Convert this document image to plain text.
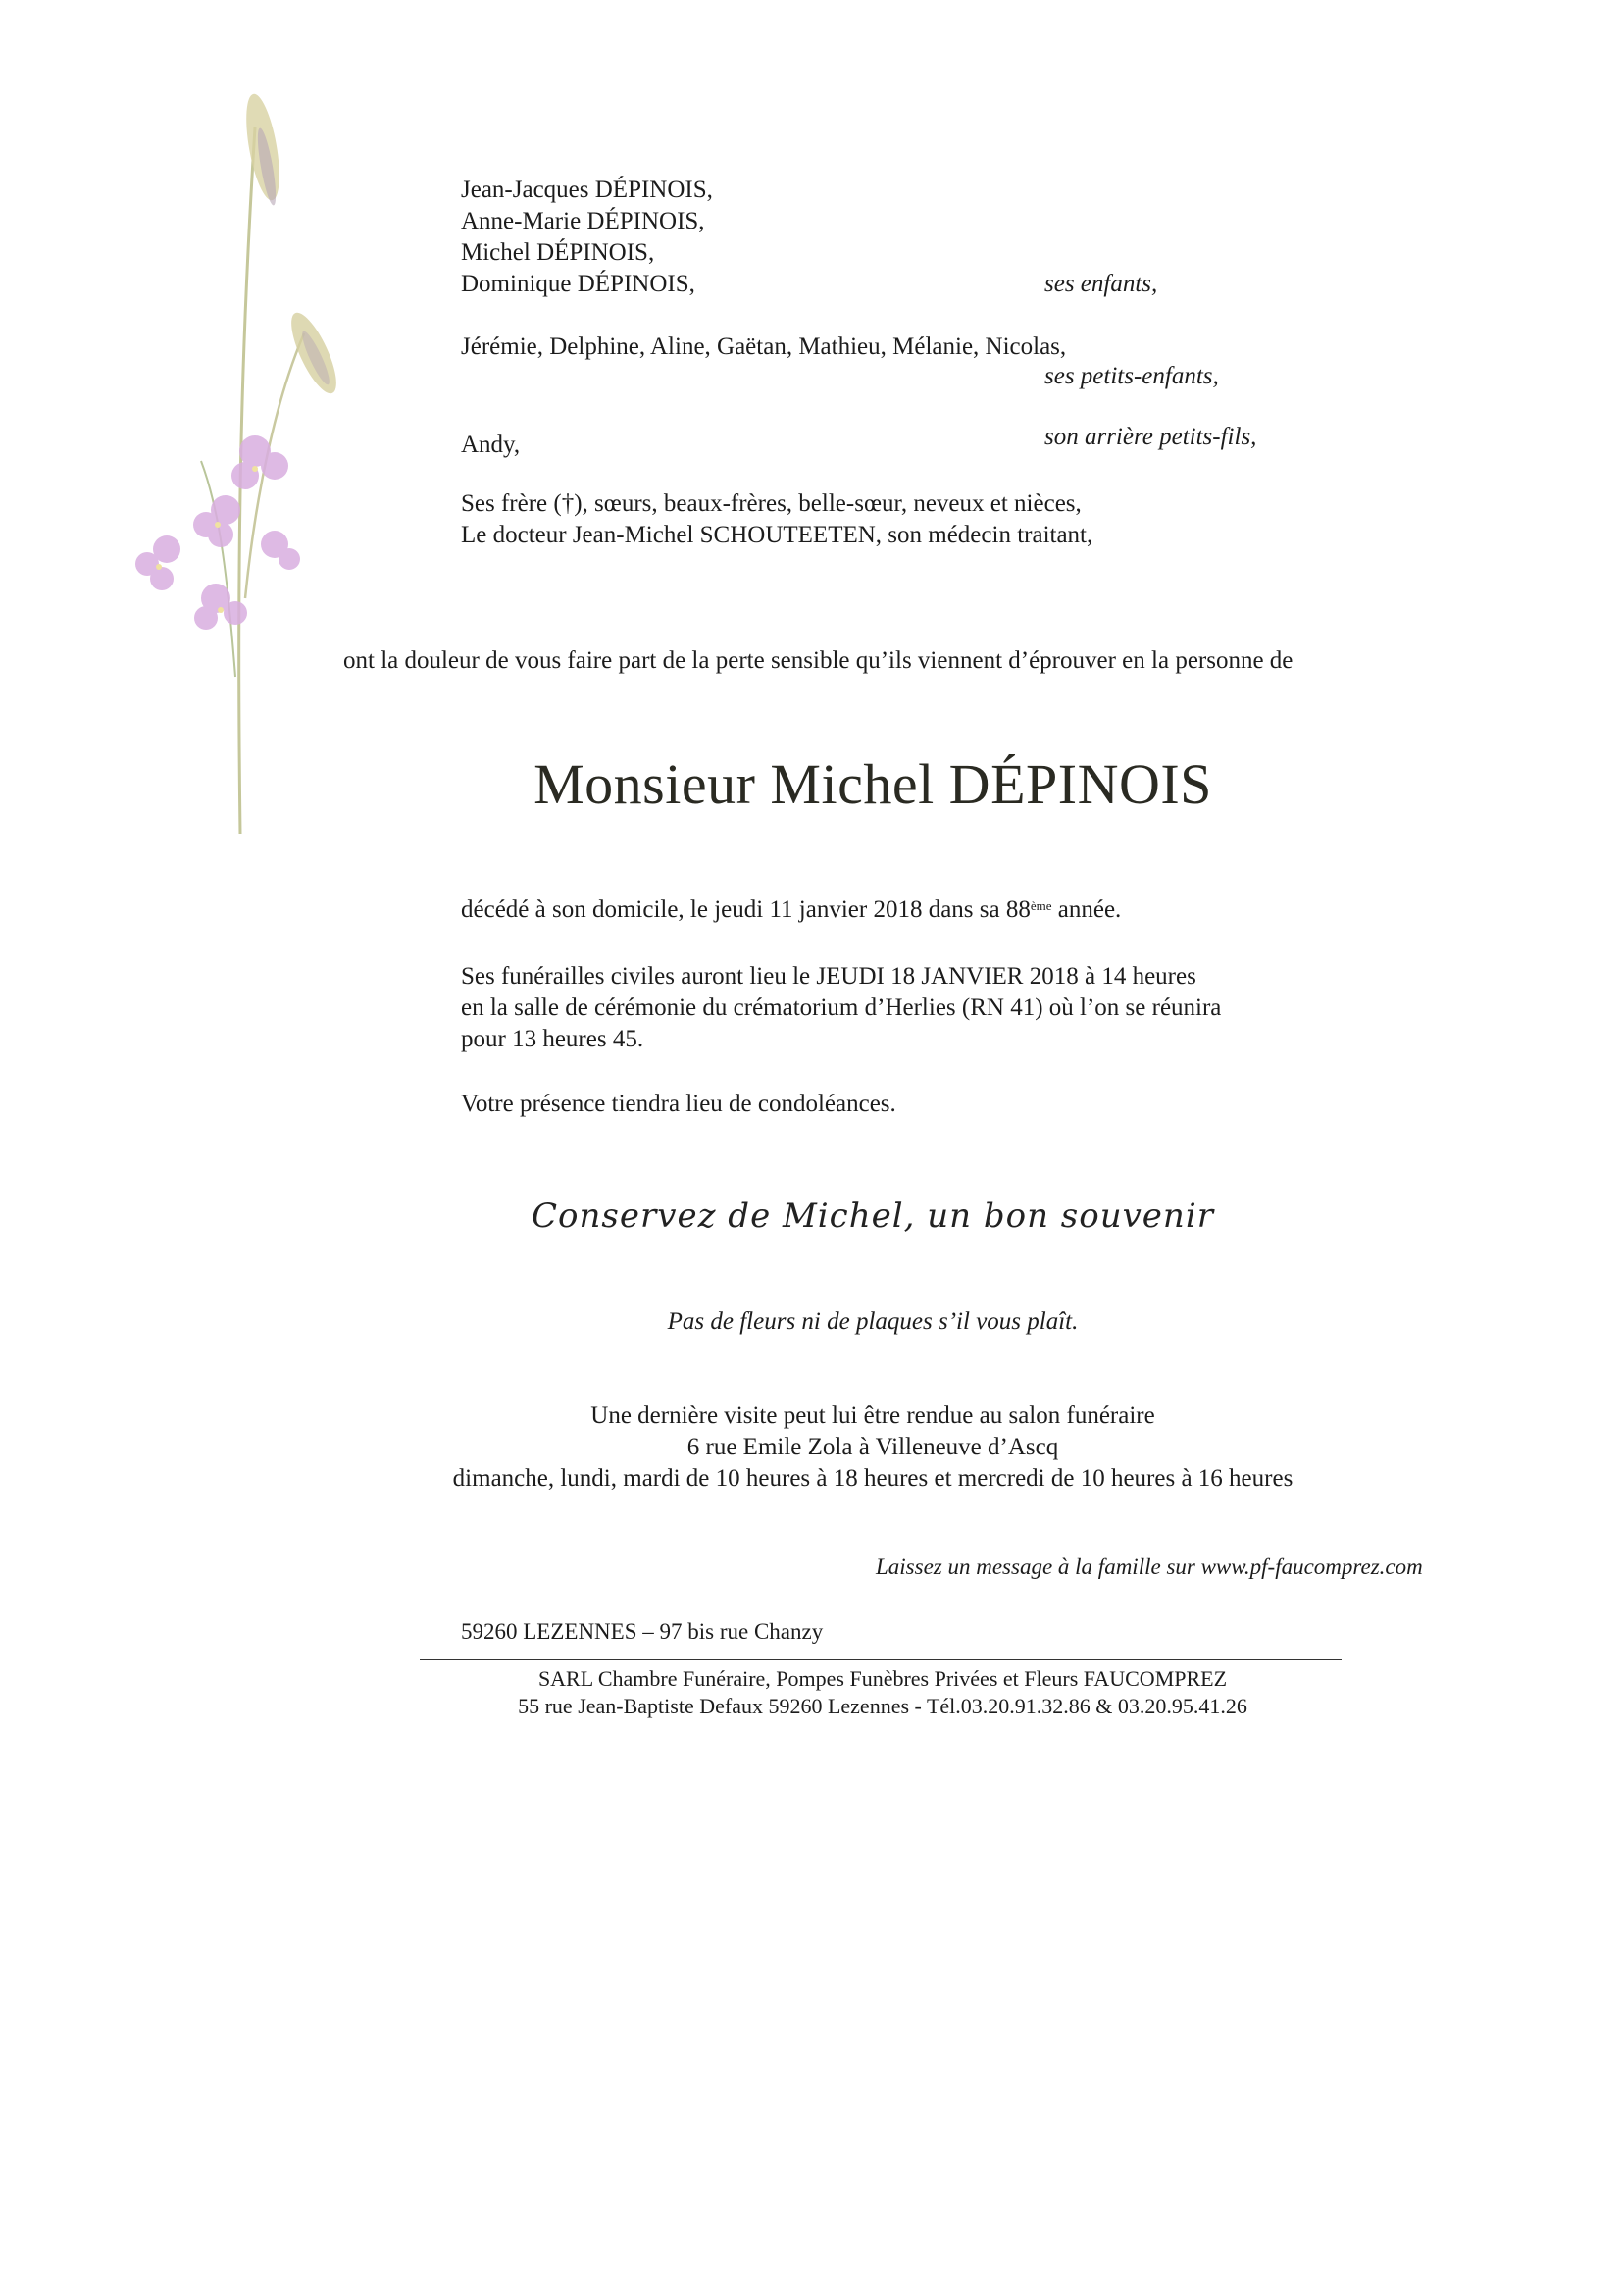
Jean-Jacques DÉPINOIS,
Anne-Marie DÉPINOIS,
Michel DÉPINOIS,
Dominique DÉPINOIS,	ses enfants,
Jérémie, Delphine, Aline, Gaëtan, Mathieu, Mélanie, Nicolas,
ses petits-enfants,
Andy,	son arrière petits-fils,
Ses frère (†), sœurs, beaux-frères, belle-sœur, neveux et nièces,
Le docteur Jean-Michel SCHOUTEETEN, son médecin traitant,
ont la douleur de vous faire part de la perte sensible qu’ils viennent d’éprouver en la personne de
Monsieur Michel DÉPINOIS
décédé à son domicile, le jeudi 11 janvier 2018 dans sa 88ème année.
Ses funérailles civiles auront lieu le JEUDI 18 JANVIER 2018 à 14 heures
en la salle de cérémonie du crématorium d’Herlies (RN 41) où l’on se réunira
pour 13 heures 45.
Votre présence tiendra lieu de condoléances.
Conservez de Michel, un bon souvenir
Pas de fleurs ni de plaques s’il vous plaît.
Une dernière visite peut lui être rendue au salon funéraire
6 rue Emile Zola à Villeneuve d’Ascq
dimanche, lundi, mardi de 10 heures à 18 heures et mercredi de 10 heures à 16 heures
Laissez un message à la famille sur www.pf-faucomprez.com
59260 LEZENNES – 97 bis rue Chanzy
SARL Chambre Funéraire, Pompes Funèbres Privées et Fleurs FAUCOMPREZ
55 rue Jean-Baptiste Defaux 59260 Lezennes - Tél.03.20.91.32.86 & 03.20.95.41.26
